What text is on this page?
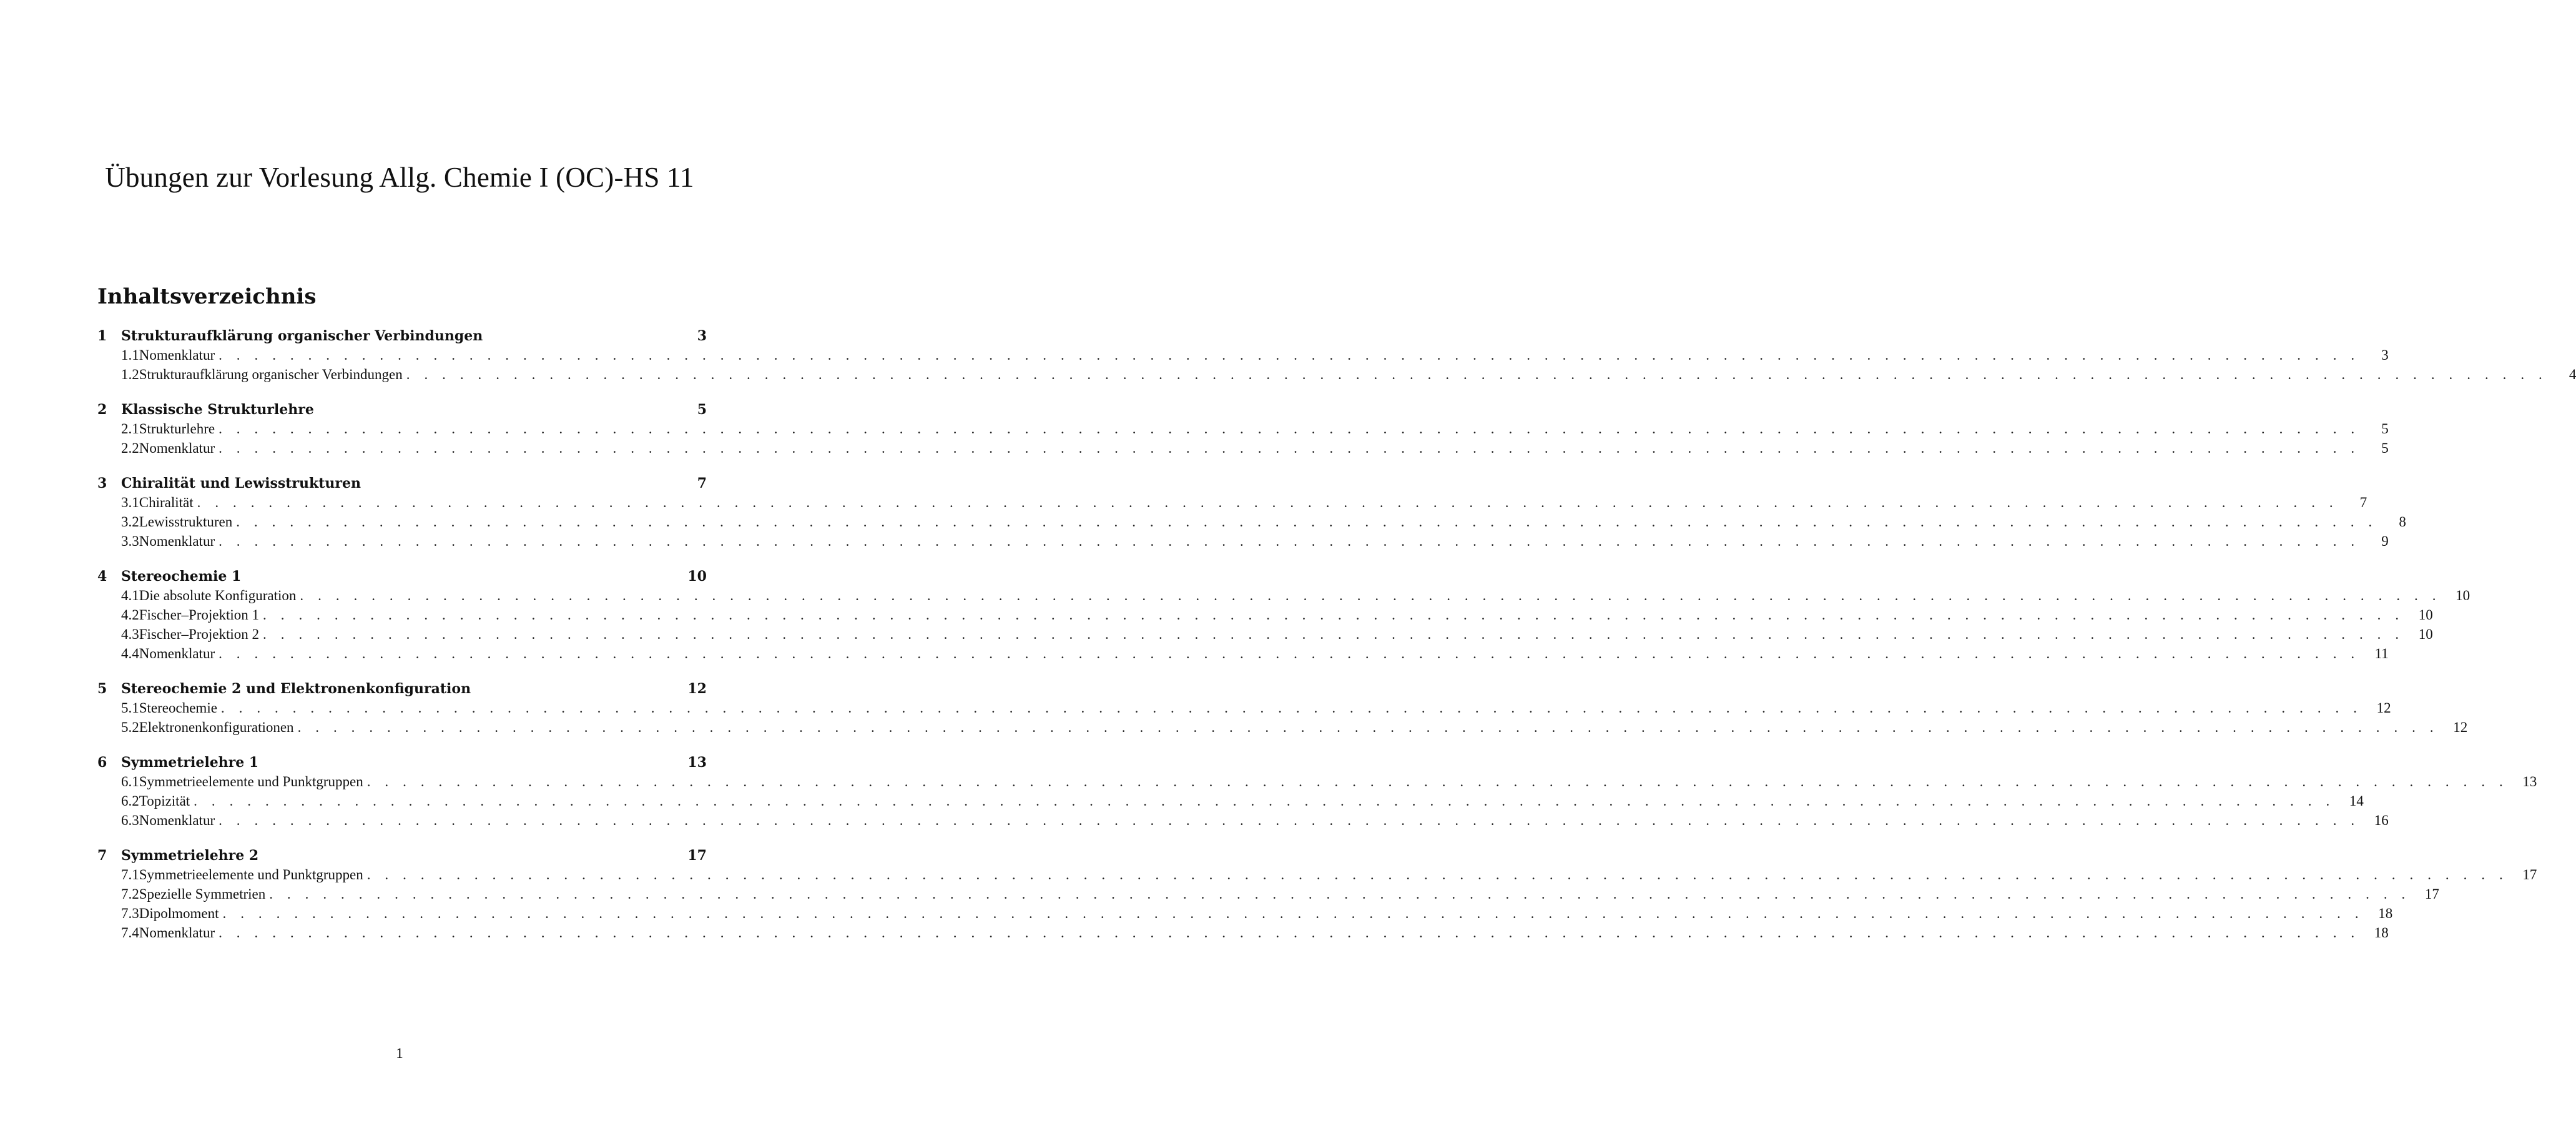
Übungen zur Vorlesung Allg. Chemie I (OC)-HS 11
Inhaltsverzeichnis
1	Strukturaufklärung organischer Verbindungen	3
1.1 Nomenklatur . . . . . . . . . . . . . . . . . . . . . . . . . . . . . . . . . . . . . . . . . . . . . . . . . . . . . . . . . . . . . . . . . . . . . . . . . . . . . . . . . . . . . . . . . . . . . . . . . . . . . . . . . . . . . . . . . . . . . . . .	3
1.2 Strukturaufklärung organischer Verbindungen . . . . . . . . . . . . . . . . . . . . . . . . . . . . . . . . . . . . . . . . . . . . . . . . . . . . . . . . . . . . . . . . . . . . . . . . . . . . . . . . . . . . . . . . . . . . . . . . . . . . . . . . . . . . . . . . . . . . . . . .	4
2	Klassische Strukturlehre	5
2.1 Strukturlehre . . . . . . . . . . . . . . . . . . . . . . . . . . . . . . . . . . . . . . . . . . . . . . . . . . . . . . . . . . . . . . . . . . . . . . . . . . . . . . . . . . . . . . . . . . . . . . . . . . . . . . . . . . . . . . . . . . . . . . . .	5
2.2 Nomenklatur . . . . . . . . . . . . . . . . . . . . . . . . . . . . . . . . . . . . . . . . . . . . . . . . . . . . . . . . . . . . . . . . . . . . . . . . . . . . . . . . . . . . . . . . . . . . . . . . . . . . . . . . . . . . . . . . . . . . . . . .	5
3	Chiralität und Lewisstrukturen	7
3.1 Chiralität . . . . . . . . . . . . . . . . . . . . . . . . . . . . . . . . . . . . . . . . . . . . . . . . . . . . . . . . . . . . . . . . . . . . . . . . . . . . . . . . . . . . . . . . . . . . . . . . . . . . . . . . . . . . . . . . . . . . . . . .	7
3.2 Lewisstrukturen . . . . . . . . . . . . . . . . . . . . . . . . . . . . . . . . . . . . . . . . . . . . . . . . . . . . . . . . . . . . . . . . . . . . . . . . . . . . . . . . . . . . . . . . . . . . . . . . . . . . . . . . . . . . . . . . . . . . . . . .	8
3.3 Nomenklatur . . . . . . . . . . . . . . . . . . . . . . . . . . . . . . . . . . . . . . . . . . . . . . . . . . . . . . . . . . . . . . . . . . . . . . . . . . . . . . . . . . . . . . . . . . . . . . . . . . . . . . . . . . . . . . . . . . . . . . . .	9
4	Stereochemie 1	10
4.1 Die absolute Konfiguration . . . . . . . . . . . . . . . . . . . . . . . . . . . . . . . . . . . . . . . . . . . . . . . . . . . . . . . . . . . . . . . . . . . . . . . . . . . . . . . . . . . . . . . . . . . . . . . . . . . . . . . . . . . . . . . . . . . . . . . .	10
4.2 Fischer–Projektion 1 . . . . . . . . . . . . . . . . . . . . . . . . . . . . . . . . . . . . . . . . . . . . . . . . . . . . . . . . . . . . . . . . . . . . . . . . . . . . . . . . . . . . . . . . . . . . . . . . . . . . . . . . . . . . . . . . . . . . . . . .	10
4.3 Fischer–Projektion 2 . . . . . . . . . . . . . . . . . . . . . . . . . . . . . . . . . . . . . . . . . . . . . . . . . . . . . . . . . . . . . . . . . . . . . . . . . . . . . . . . . . . . . . . . . . . . . . . . . . . . . . . . . . . . . . . . . . . . . . . .	10
4.4 Nomenklatur . . . . . . . . . . . . . . . . . . . . . . . . . . . . . . . . . . . . . . . . . . . . . . . . . . . . . . . . . . . . . . . . . . . . . . . . . . . . . . . . . . . . . . . . . . . . . . . . . . . . . . . . . . . . . . . . . . . . . . . .	11
5	Stereochemie 2 und Elektronenkonfiguration	12
5.1 Stereochemie . . . . . . . . . . . . . . . . . . . . . . . . . . . . . . . . . . . . . . . . . . . . . . . . . . . . . . . . . . . . . . . . . . . . . . . . . . . . . . . . . . . . . . . . . . . . . . . . . . . . . . . . . . . . . . . . . . . . . . . .	12
5.2 Elektronenkonfigurationen . . . . . . . . . . . . . . . . . . . . . . . . . . . . . . . . . . . . . . . . . . . . . . . . . . . . . . . . . . . . . . . . . . . . . . . . . . . . . . . . . . . . . . . . . . . . . . . . . . . . . . . . . . . . . . . . . . . . . . . .	12
6	Symmetrielehre 1	13
6.1 Symmetrieelemente und Punktgruppen . . . . . . . . . . . . . . . . . . . . . . . . . . . . . . . . . . . . . . . . . . . . . . . . . . . . . . . . . . . . . . . . . . . . . . . . . . . . . . . . . . . . . . . . . . . . . . . . . . . . . . . . . . . . . . . . . . . . . . . .	13
6.2 Topizität . . . . . . . . . . . . . . . . . . . . . . . . . . . . . . . . . . . . . . . . . . . . . . . . . . . . . . . . . . . . . . . . . . . . . . . . . . . . . . . . . . . . . . . . . . . . . . . . . . . . . . . . . . . . . . . . . . . . . . . .	14
6.3 Nomenklatur . . . . . . . . . . . . . . . . . . . . . . . . . . . . . . . . . . . . . . . . . . . . . . . . . . . . . . . . . . . . . . . . . . . . . . . . . . . . . . . . . . . . . . . . . . . . . . . . . . . . . . . . . . . . . . . . . . . . . . . .	16
7	Symmetrielehre 2	17
7.1 Symmetrieelemente und Punktgruppen . . . . . . . . . . . . . . . . . . . . . . . . . . . . . . . . . . . . . . . . . . . . . . . . . . . . . . . . . . . . . . . . . . . . . . . . . . . . . . . . . . . . . . . . . . . . . . . . . . . . . . . . . . . . . . . . . . . . . . . .	17
7.2 Spezielle Symmetrien . . . . . . . . . . . . . . . . . . . . . . . . . . . . . . . . . . . . . . . . . . . . . . . . . . . . . . . . . . . . . . . . . . . . . . . . . . . . . . . . . . . . . . . . . . . . . . . . . . . . . . . . . . . . . . . . . . . . . . . .	17
7.3 Dipolmoment . . . . . . . . . . . . . . . . . . . . . . . . . . . . . . . . . . . . . . . . . . . . . . . . . . . . . . . . . . . . . . . . . . . . . . . . . . . . . . . . . . . . . . . . . . . . . . . . . . . . . . . . . . . . . . . . . . . . . . . .	18
7.4 Nomenklatur . . . . . . . . . . . . . . . . . . . . . . . . . . . . . . . . . . . . . . . . . . . . . . . . . . . . . . . . . . . . . . . . . . . . . . . . . . . . . . . . . . . . . . . . . . . . . . . . . . . . . . . . . . . . . . . . . . . . . . . .	18
1
